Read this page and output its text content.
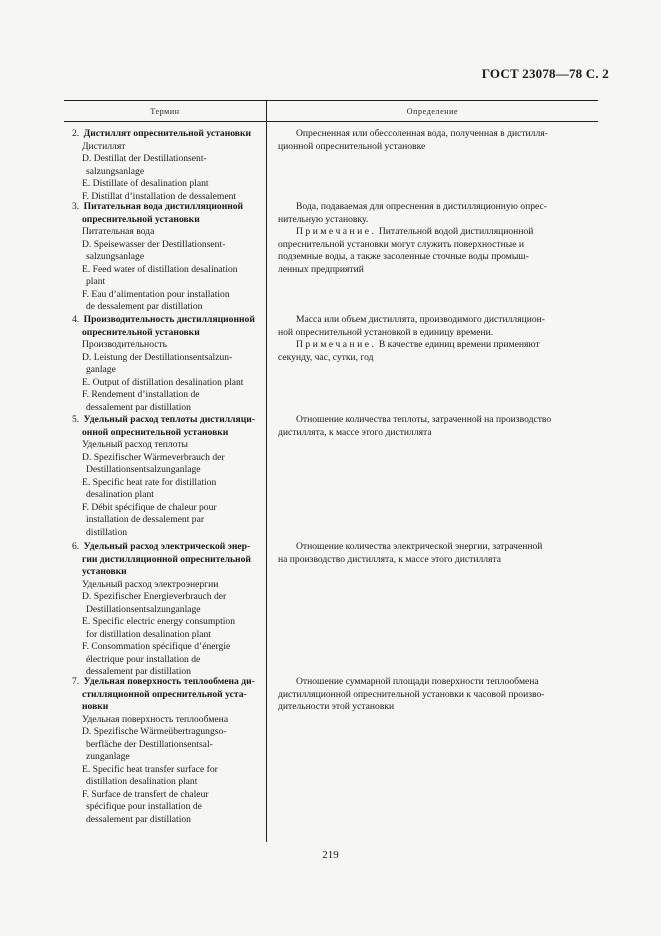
ГОСТ 23078—78 С. 2
Термин	Определение
2. Дистиллят опреснительной установки
Дистиллят
D. Destillat der Destillationsent-
salzungsanlage
E. Distillate of desalination plant
F. Distillat d’installation de dessalement
Опресненная или обессоленная вода, полученная в дистилля-
ционной опреснительной установке
3. Питательная вода дистилляционной
опреснительной установки
Питательная вода
D. Speisewasser der Destillationsent-
salzungsanlage
E. Feed water of distillation desalination
plant
F. Eau d’alimentation pour installation
de dessalement par distillation
Вода, подаваемая для опреснения в дистилляционную опрес-
нительную установку.
Примечание. Питательной водой дистилляционной
опреснительной установки могут служить поверхностные и
подземные воды, а также засоленные сточные воды промыш-
ленных предприятий
4. Производительность дистилляционной
опреснительной установки
Производительность
D. Leistung der Destillationsentsalzun-
ganlage
E. Output of distillation desalination plant
F. Rendement d’installation de
dessalement par distillation
Масса или объем дистиллята, производимого дистилляцион-
ной опреснительной установкой в единицу времени.
Примечание. В качестве единиц времени применяют
секунду, час, сутки, год
5. Удельный расход теплоты дистилляци-
онной опреснительной установки
Удельный расход теплоты
D. Spezifischer Wärmeverbrauch der
Destillationsentsalzunganlage
E. Specific heat rate for distillation
desalination plant
F. Débit spécifique de chaleur pour
installation de dessalement par
distillation
Отношение количества теплоты, затраченной на производство
дистиллята, к массе этого дистиллята
6. Удельный расход электрической энер-
гии дистилляционной опреснительной
установки
Удельный расход электроэнергии
D. Spezifischer Energieverbrauch der
Destillationsentsalzunganlage
E. Specific electric energy consumption
for distillation desalination plant
F. Consommation spécifique d’énergie
électrique pour installation de
dessalement par distillation
Отношение количества электрической энергии, затраченной
на производство дистиллята, к массе этого дистиллята
7. Удельная поверхность теплообмена ди-
стилляционной опреснительной уста-
новки
Удельная поверхность теплообмена
D. Spezifische Wärmeübertragungso-
berfläche der Destillationsentsal-
zunganlage
E. Specific heat transfer surface for
distillation desalination plant
F. Surface de transfert de chaleur
spécifique pour installation de
dessalement par distillation
Отношение суммарной площади поверхности теплообмена
дистилляционной опреснительной установки к часовой произво-
дительности этой установки
219
